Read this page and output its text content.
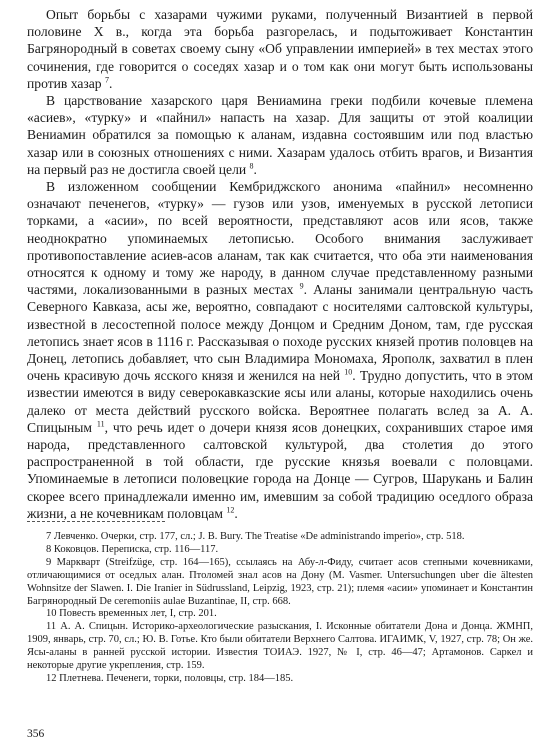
Опыт борьбы с хазарами чужими руками, полученный Византией в первой половине X в., когда эта борьба разгорелась, и подытоживает Константин Багрянородный в советах своему сыну «Об управлении империей» в тех местах этого сочинения, где говорится о соседях хазар и о том как они могут быть использованы против хазар $^7$.

В царствование хазарского царя Вениамина греки подбили кочевые племена «асиев», «турку» и «пайнил» напасть на хазар. Для защиты от этой коалиции Вениамин обратился за помощью к аланам, издавна состоявшим или под властью хазар или в союзных отношениях с ними. Хазарам удалось отбить врагов, и Византия на первый раз не достигла своей цели $^8$.

В изложенном сообщении Кембриджского анонима «пайнил» несомненно означают печенегов, «турку» — гузов или узов, именуемых в русской летописи торками, а «асии», по всей вероятности, представляют асов или ясов, также неоднократно упоминаемых летописью. Особого внимания заслуживает противопоставление асиев-асов аланам, так как считается, что оба эти наименования относятся к одному и тому же народу, в данном случае представленному разными частями, локализованными в разных местах $^9$. Аланы занимали центральную часть Северного Кавказа, асы же, вероятно, совпадают с носителями салтовской культуры, известной в лесостепной полосе между Донцом и Средним Доном, там, где русская летопись знает ясов в 1116 г. Рассказывая о походе русских князей против половцев на Донец, летопись добавляет, что сын Владимира Мономаха, Ярополк, захватил в плен очень красивую дочь ясского князя и женился на ней $^{10}$. Трудно допустить, что в этом известии имеются в виду северокавказские ясы или аланы, которые находились очень далеко от места действий русского войска. Вероятнее полагать вслед за А. А. Спицыным $^{11}$, что речь идет о дочери князя ясов донецких, сохранивших старое имя народа, представленного салтовской культурой, два столетия до этого распространенной в той области, где русские князья воевали с половцами. Упоминаемые в летописи половецкие города на Донце — Сугров, Шарукань и Балин скорее всего принадлежали именно им, имевшим за собой традицию оседлого образа жизни, а не кочевникам половцам $^{12}$.

7 Левченко. Очерки, стр. 177, сл.; J. B. Bury. The Treatise «De administrando imperio», стр. 518.

8 Коковцов. Переписка, стр. 116—117.

9 Маркварт (Streifzüge, стр. 164—165), ссылаясь на Абу-л-Фиду, считает асов степными кочевниками, отличающимися от оседлых алан. Птоломей знал асов на Дону (M. Vasmer. Untersuchungen uber die ältesten Wohnsitze der Slawen. I. Die Iranier in Südrussland, Leipzig, 1923, стр. 21); племя «асии» упоминает и Константин Багрянородный De ceremoniis aulae Buzantinae, II, стр. 668.

10 Повесть временных лет, I, стр. 201.

11 А. А. Спицын. Историко-археологические разыскания, I. Исконные обитатели Дона и Донца. ЖМНП, 1909, январь, стр. 70, сл.; Ю. В. Готье. Кто были обитатели Верхнего Салтова. ИГАИМК, V, 1927, стр. 78; Он же. Ясы-аланы в ранней русской истории. Известия ТОИАЭ. 1927, № I, стр. 46—47; Артамонов. Саркел и некоторые другие укрепления, стр. 159.

12 Плетнева. Печенеги, торки, половцы, стр. 184—185.

356
